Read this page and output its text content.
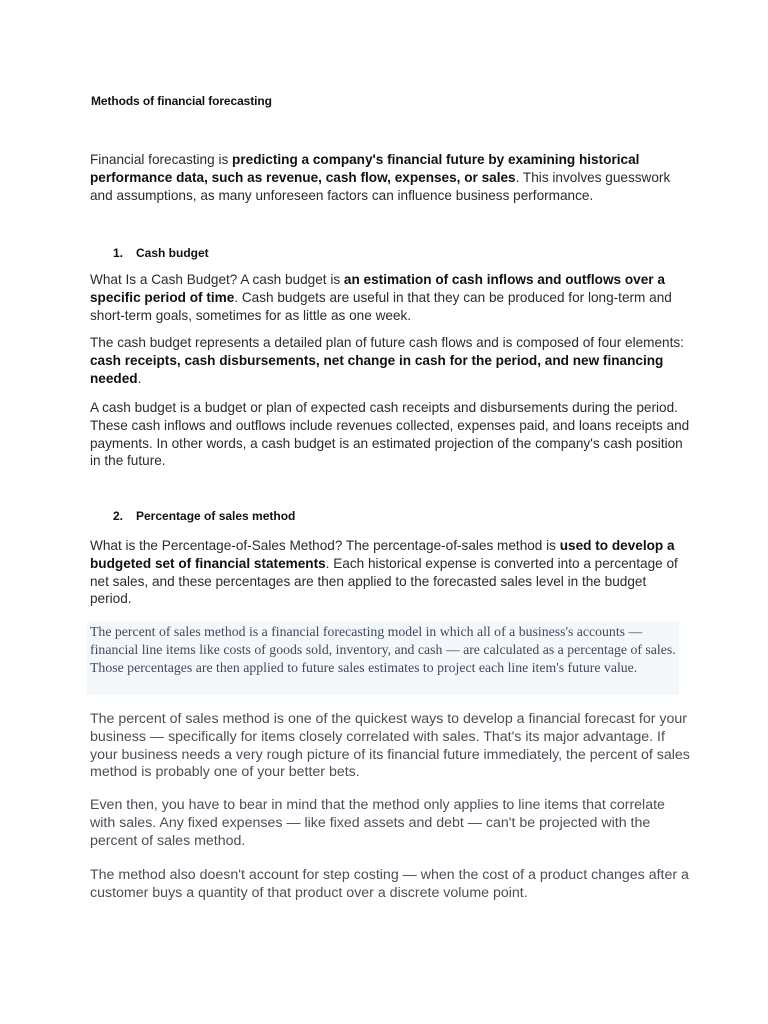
Methods of financial forecasting

Financial forecasting is predicting a company's financial future by examining historical performance data, such as revenue, cash flow, expenses, or sales. This involves guesswork and assumptions, as many unforeseen factors can influence business performance.

1. Cash budget

What Is a Cash Budget? A cash budget is an estimation of cash inflows and outflows over a specific period of time. Cash budgets are useful in that they can be produced for long-term and short-term goals, sometimes for as little as one week.

The cash budget represents a detailed plan of future cash flows and is composed of four elements: cash receipts, cash disbursements, net change in cash for the period, and new financing needed.

A cash budget is a budget or plan of expected cash receipts and disbursements during the period. These cash inflows and outflows include revenues collected, expenses paid, and loans receipts and payments. In other words, a cash budget is an estimated projection of the company's cash position in the future.

2. Percentage of sales method

What is the Percentage-of-Sales Method? The percentage-of-sales method is used to develop a budgeted set of financial statements. Each historical expense is converted into a percentage of net sales, and these percentages are then applied to the forecasted sales level in the budget period.

The percent of sales method is a financial forecasting model in which all of a business's accounts — financial line items like costs of goods sold, inventory, and cash — are calculated as a percentage of sales. Those percentages are then applied to future sales estimates to project each line item's future value.

The percent of sales method is one of the quickest ways to develop a financial forecast for your business — specifically for items closely correlated with sales. That's its major advantage. If your business needs a very rough picture of its financial future immediately, the percent of sales method is probably one of your better bets.

Even then, you have to bear in mind that the method only applies to line items that correlate with sales. Any fixed expenses — like fixed assets and debt — can't be projected with the percent of sales method.

The method also doesn't account for step costing — when the cost of a product changes after a customer buys a quantity of that product over a discrete volume point.
